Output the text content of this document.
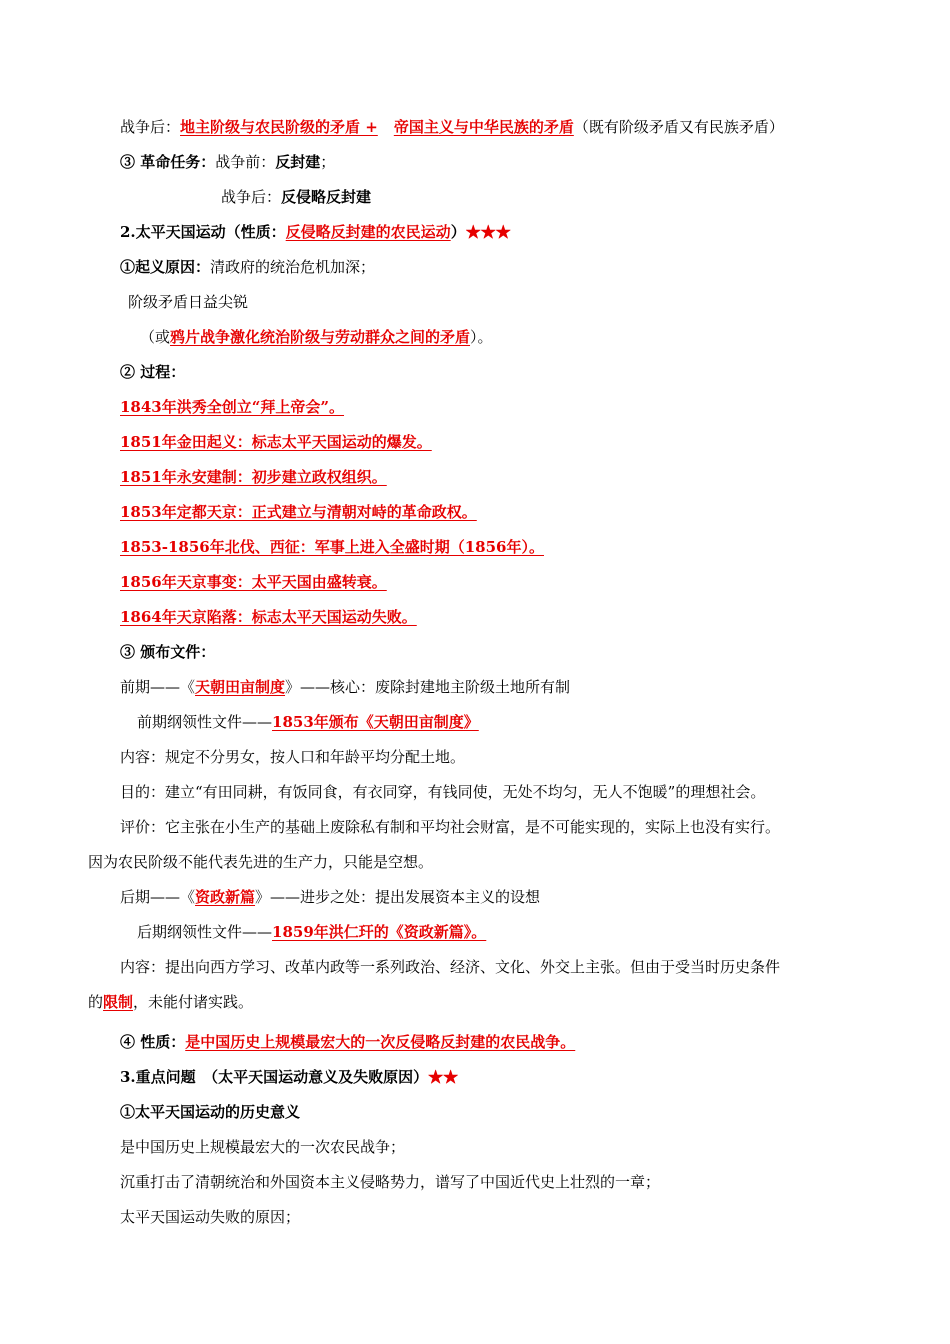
战争后：地主阶级与农民阶级的矛盾 + 帝国主义与中华民族的矛盾（既有阶级矛盾又有民族矛盾）
③ 革命任务：战争前：反封建；
战争后：反侵略反封建
2.太平天国运动（性质：反侵略反封建的农民运动）★★★
①起义原因：清政府的统治危机加深；
阶级矛盾日益尖锐
（或鸦片战争激化统治阶级与劳动群众之间的矛盾）。
② 过程：
1843年洪秀全创立“拜上帝会”。
1851年金田起义：标志太平天国运动的爆发。
1851年永安建制：初步建立政权组织。
1853年定都天京：正式建立与清朝对峙的革命政权。
1853-1856年北伐、西征：军事上进入全盛时期（1856年）。
1856年天京事变：太平天国由盛转衰。
1864年天京陷落：标志太平天国运动失败。
③ 颁布文件：
前期——《天朝田亩制度》——核心：废除封建地主阶级土地所有制
前期纲领性文件——1853年颁布《天朝田亩制度》
内容：规定不分男女，按人口和年龄平均分配土地。
目的：建立“有田同耕，有饭同食，有衣同穿，有钱同使，无处不均匀，无人不饱暖”的理想社会。
评价：它主张在小生产的基础上废除私有制和平均社会财富，是不可能实现的，实际上也没有实行。
因为农民阶级不能代表先进的生产力，只能是空想。
后期——《资政新篇》——进步之处：提出发展资本主义的设想
后期纲领性文件——1859年洪仁玕的《资政新篇》。
内容：提出向西方学习、改革内政等一系列政治、经济、文化、外交上主张。但由于受当时历史条件
的限制，未能付诸实践。
④ 性质：是中国历史上规模最宏大的一次反侵略反封建的农民战争。
3.重点问题　（太平天国运动意义及失败原因）★★
①太平天国运动的历史意义
是中国历史上规模最宏大的一次农民战争；
沉重打击了清朝统治和外国资本主义侵略势力，谱写了中国近代史上壮烈的一章；
太平天国运动失败的原因；
